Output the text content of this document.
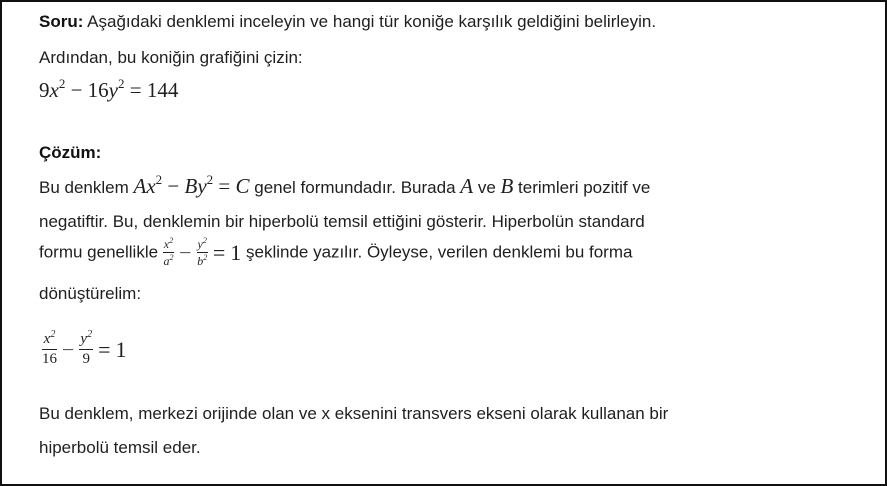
Soru: Aşağıdaki denklemi inceleyin ve hangi tür koniğe karşılık geldiğini belirleyin.
Ardından, bu koniğin grafiğini çizin:
$9x^2 - 16y^2 = 144$
Çözüm:
Bu denklem $Ax^2 - By^2 = C$ genel formundadır. Burada A ve B terimleri pozitif ve
negatiftir. Bu, denklemin bir hiperbolü temsil ettiğini gösterir. Hiperbolün standard
formu genellikle $\frac{x^2}{a^2} - \frac{y^2}{b^2} = 1$ şeklinde yazılır. Öyleyse, verilen denklemi bu forma
dönüştürelim:
$\frac{x^2}{16} - \frac{y^2}{9} = 1$
Bu denklem, merkezi orijinde olan ve x eksenini transvers ekseni olarak kullanan bir
hiperbolü temsil eder.
